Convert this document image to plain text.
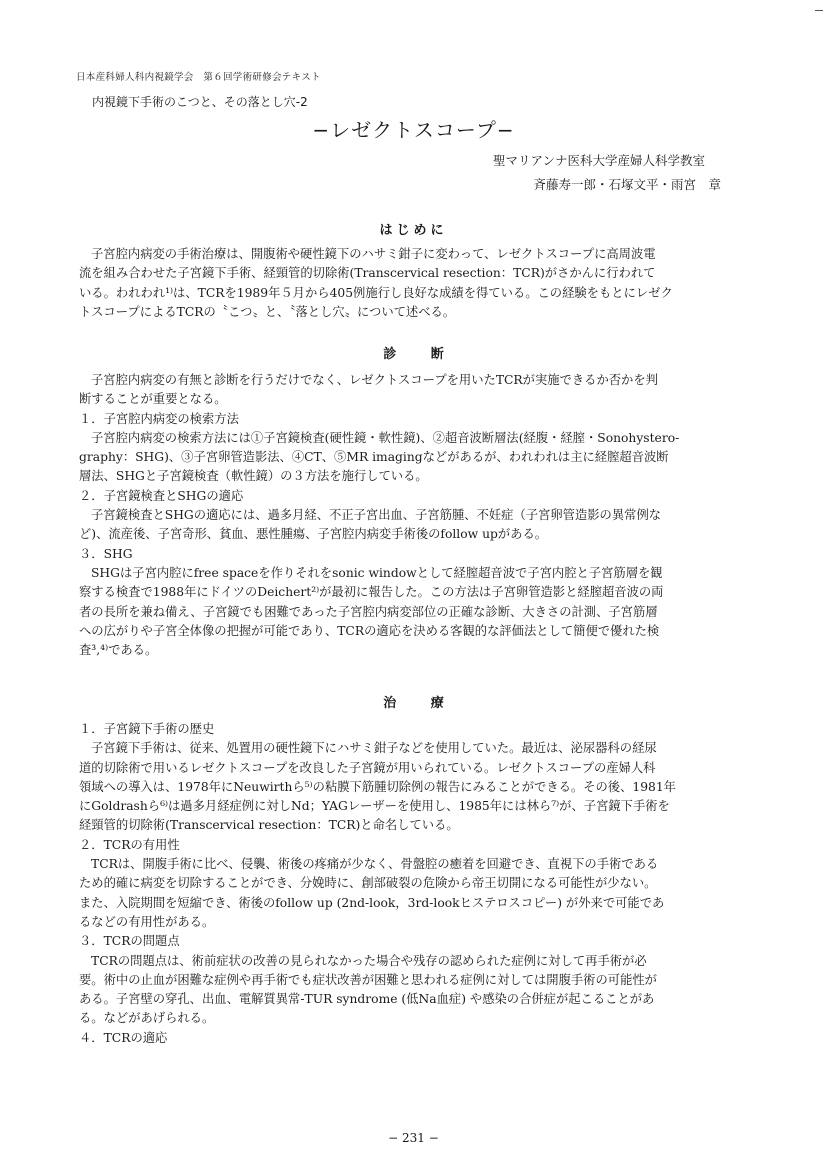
日本産科婦人科内視鏡学会　第６回学術研修会テキスト
内視鏡下手術のこつと、その落とし穴-2
−レゼクトスコープ−
聖マリアンナ医科大学産婦人科学教室
斉藤寿一郎・石塚文平・雨宮　章
はじめに
子宮腔内病変の手術治療は、開腹術や硬性鏡下のハサミ鉗子に変わって、レゼクトスコープに高周波電
流を組み合わせた子宮鏡下手術、経頸管的切除術(Transcervical resection：TCR)がさかんに行われて
いる。われわれ¹⁾は、TCRを1989年５月から405例施行し良好な成績を得ている。この経験をもとにレゼク
トスコープによるTCRの〝こつ〟と、〝落とし穴〟について述べる。
診 断
子宮腔内病変の有無と診断を行うだけでなく、レゼクトスコープを用いたTCRが実施できるか否かを判
断することが重要となる。
１．子宮腔内病変の検索方法
子宮腔内病変の検索方法には①子宮鏡検査(硬性鏡・軟性鏡)、②超音波断層法(経腹・経膣・Sonohystero-
graphy：SHG)、③子宮卵管造影法、④CT、⑤MR imagingなどがあるが、われわれは主に経膣超音波断
層法、SHGと子宮鏡検査（軟性鏡）の３方法を施行している。
２．子宮鏡検査とSHGの適応
子宮鏡検査とSHGの適応には、過多月経、不正子宮出血、子宮筋腫、不妊症（子宮卵管造影の異常例な
ど)、流産後、子宮奇形、貧血、悪性腫瘍、子宮腔内病変手術後のfollow upがある。
３．SHG
SHGは子宮内腔にfree spaceを作りそれをsonic windowとして経膣超音波で子宮内腔と子宮筋層を観
察する検査で1988年にドイツのDeichert²⁾が最初に報告した。この方法は子宮卵管造影と経膣超音波の両
者の長所を兼ね備え、子宮鏡でも困難であった子宮腔内病変部位の正確な診断、大きさの計測、子宮筋層
への広がりや子宮全体像の把握が可能であり、TCRの適応を決める客観的な評価法として簡便で優れた検
査³,⁴⁾である。
治 療
１．子宮鏡下手術の歴史
子宮鏡下手術は、従来、処置用の硬性鏡下にハサミ鉗子などを使用していた。最近は、泌尿器科の経尿
道的切除術で用いるレゼクトスコープを改良した子宮鏡が用いられている。レゼクトスコープの産婦人科
領域への導入は、1978年にNeuwirthら⁵⁾の粘膜下筋腫切除例の報告にみることができる。その後、1981年
にGoldrashら⁶⁾は過多月経症例に対しNd；YAGレーザーを使用し、1985年には林ら⁷⁾が、子宮鏡下手術を
経頸管的切除術(Transcervical resection：TCR)と命名している。
２．TCRの有用性
TCRは、開腹手術に比べ、侵襲、術後の疼痛が少なく、骨盤腔の癒着を回避でき、直視下の手術である
ため的確に病変を切除することができ、分娩時に、創部破裂の危険から帝王切開になる可能性が少ない。
また、入院期間を短縮でき、術後のfollow up (2nd-look，3rd-lookヒステロスコピー) が外来で可能であ
るなどの有用性がある。
３．TCRの問題点
TCRの問題点は、術前症状の改善の見られなかった場合や残存の認められた症例に対して再手術が必
要。術中の止血が困難な症例や再手術でも症状改善が困難と思われる症例に対しては開腹手術の可能性が
ある。子宮壁の穿孔、出血、電解質異常-TUR syndrome (低Na血症) や感染の合併症が起こることがあ
る。などがあげられる。
４．TCRの適応
− 231 −
